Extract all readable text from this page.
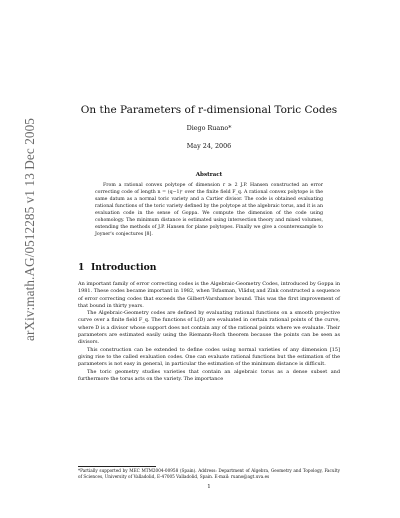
arXiv:math.AG/0512285 v1 13 Dec 2005
On the Parameters of r-dimensional Toric Codes
Diego Ruano*
May 24, 2006
Abstract

From a rational convex polytope of dimension r ≥ 2 J.P. Hansen constructed an error correcting code of length n = (q−1)ʳ over the finite field F_q. A rational convex polytope is the same datum as a normal toric variety and a Cartier divisor. The code is obtained evaluating rational functions of the toric variety defined by the polytope at the algebraic torus, and it is an evaluation code in the sense of Goppa. We compute the dimension of the code using cohomology. The minimum distance is estimated using intersection theory and mixed volumes, extending the methods of J.P. Hansen for plane polytopes. Finally we give a counterexample to Joyner's conjectures [8].

1 Introduction

An important family of error correcting codes is the Algebraic-Geometry Codes, introduced by Goppa in 1981. These codes became important in 1982, when Tsfasman, Vlăduţ and Zink constructed a sequence of error correcting codes that exceeds the Gilbert-Varshamov bound. This was the first improvement of that bound in thirty years.

The Algebraic-Geometry codes are defined by evaluating rational functions on a smooth projective curve over a finite field F_q. The functions of L(D) are evaluated in certain rational points of the curve, where D is a divisor whose support does not contain any of the rational points where we evaluate. Their parameters are estimated easily using the Riemann-Roch theorem because the points can be seen as divisors.

This construction can be extended to define codes using normal varieties of any dimension [15] giving rise to the called evaluation codes. One can evaluate rational functions but the estimation of the parameters is not easy in general, in particular the estimation of the minimum distance is difficult.

The toric geometry studies varieties that contain an algebraic torus as a dense subset and furthermore the torus acts on the variety. The importance

*Partially supported by MEC MTM2004-00958 (Spain). Address: Department of Algebra, Geometry and Topology, Faculty of Sciences, University of Valladolid, E-47005 Valladolid, Spain. E-mail: ruano@agt.uva.es
1
